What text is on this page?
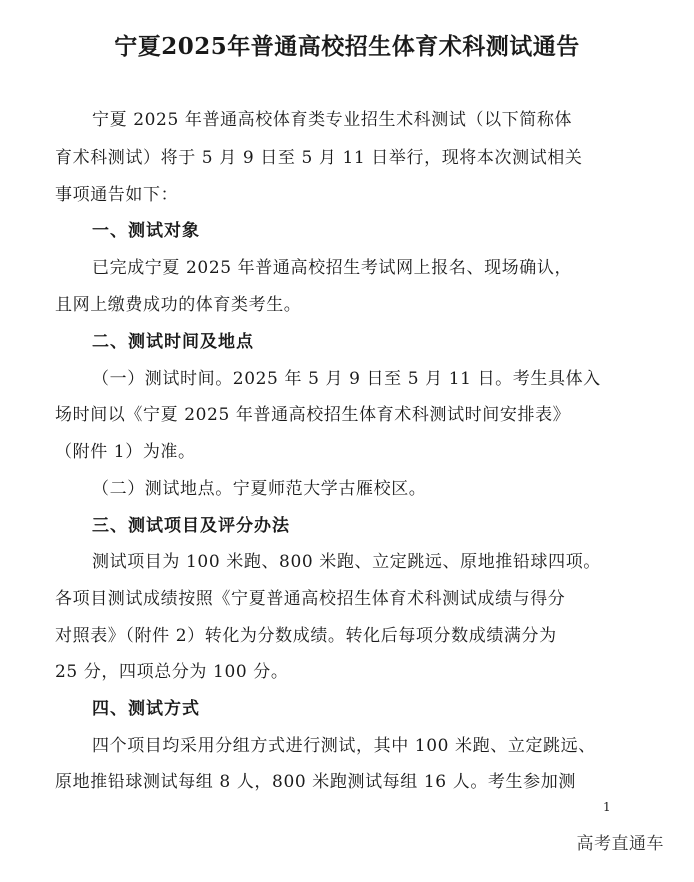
宁夏2025年普通高校招生体育术科测试通告
宁夏 2025 年普通高校体育类专业招生术科测试（以下简称体
育术科测试）将于 5 月 9 日至 5 月 11 日举行，现将本次测试相关
事项通告如下：
一、测试对象
已完成宁夏 2025 年普通高校招生考试网上报名、现场确认，
且网上缴费成功的体育类考生。
二、测试时间及地点
（一）测试时间。2025 年 5 月 9 日至 5 月 11 日。考生具体入
场时间以《宁夏 2025 年普通高校招生体育术科测试时间安排表》
（附件 1）为准。
（二）测试地点。宁夏师范大学古雁校区。
三、测试项目及评分办法
测试项目为 100 米跑、800 米跑、立定跳远、原地推铅球四项。
各项目测试成绩按照《宁夏普通高校招生体育术科测试成绩与得分
对照表》（附件 2）转化为分数成绩。转化后每项分数成绩满分为
25 分，四项总分为 100 分。
四、测试方式
四个项目均采用分组方式进行测试，其中 100 米跑、立定跳远、
原地推铅球测试每组 8 人，800 米跑测试每组 16 人。考生参加测
1
高考直通车
